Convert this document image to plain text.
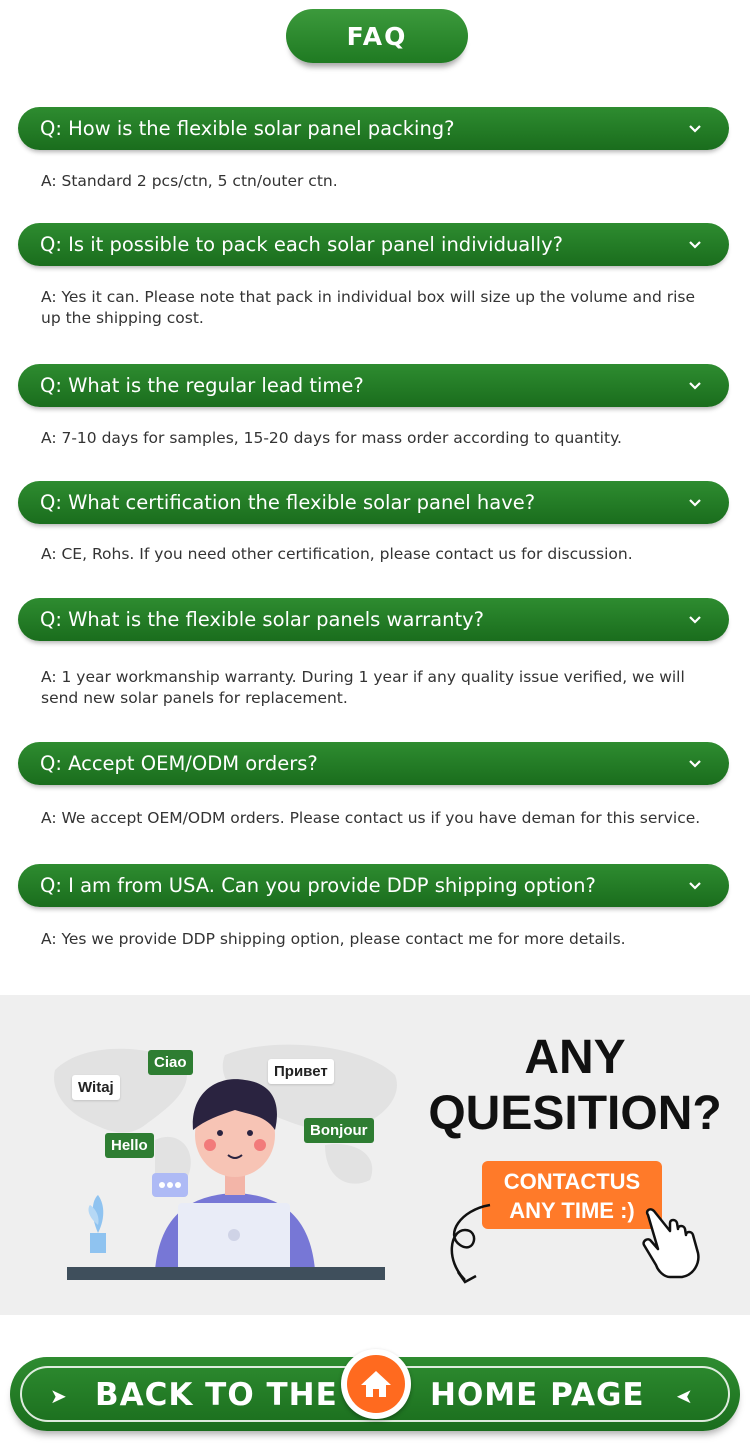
FAQ
Q: How is the flexible solar panel packing?
A: Standard 2 pcs/ctn, 5 ctn/outer ctn.
Q: Is it possible to pack each solar panel individually?
A: Yes it can. Please note that pack in individual box will size up the volume and rise
up the shipping cost.
Q: What is the regular lead time?
A: 7-10 days for samples, 15-20 days for mass order according to quantity.
Q: What certification the flexible solar panel have?
A: CE, Rohs. If you need other certification, please contact us for discussion.
Q: What is the flexible solar panels warranty?
A: 1 year workmanship warranty. During 1 year if any quality issue verified, we will
send new solar panels for replacement.
Q: Accept OEM/ODM orders?
A: We accept OEM/ODM orders. Please contact us if you have deman for this service.
Q: I am from USA. Can you provide DDP shipping option?
A: Yes we provide DDP shipping option, please contact me for more details.
Ciao
Witaj
Привет
Hello
Bonjour
ANY
QUESITION?
CONTACTUS
ANY TIME :)
➤ BACK TO THE	HOME PAGE ➤
